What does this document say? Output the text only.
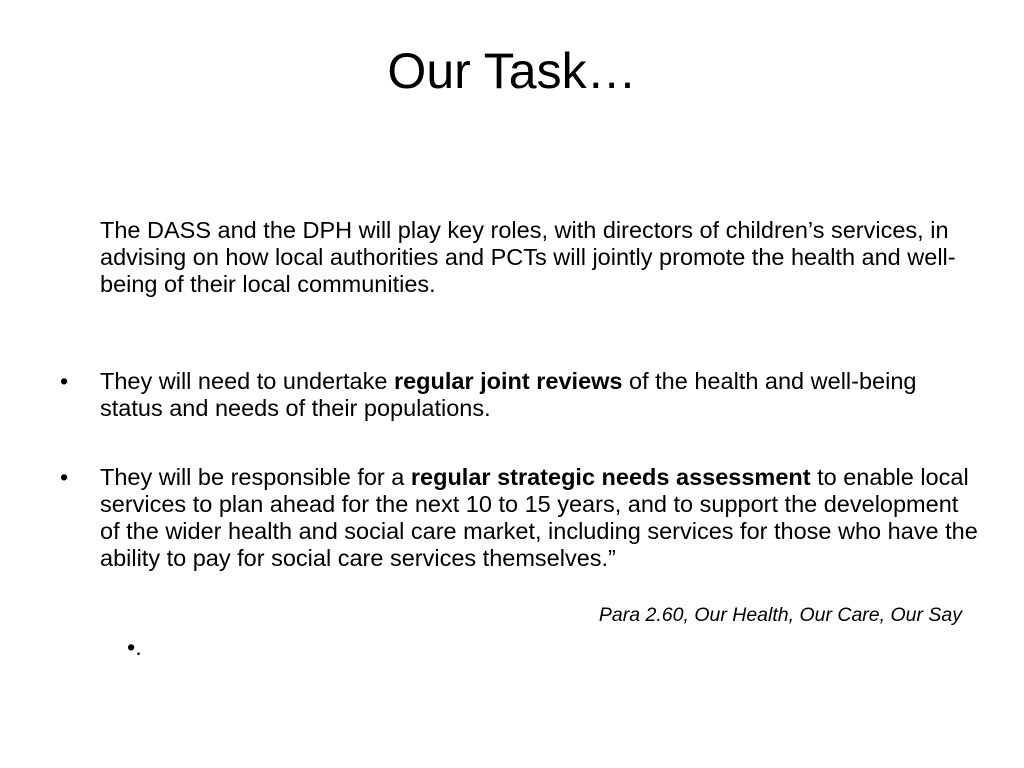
Our Task…

The DASS and the DPH will play key roles, with directors of children’s services, in advising on how local authorities and PCTs will jointly promote the health and well-being of their local communities.

• They will need to undertake regular joint reviews of the health and well-being status and needs of their populations.

• They will be responsible for a regular strategic needs assessment to enable local services to plan ahead for the next 10 to 15 years, and to support the development of the wider health and social care market, including services for those who have the ability to pay for social care services themselves.”

Para 2.60, Our Health, Our Care, Our Say
•.
